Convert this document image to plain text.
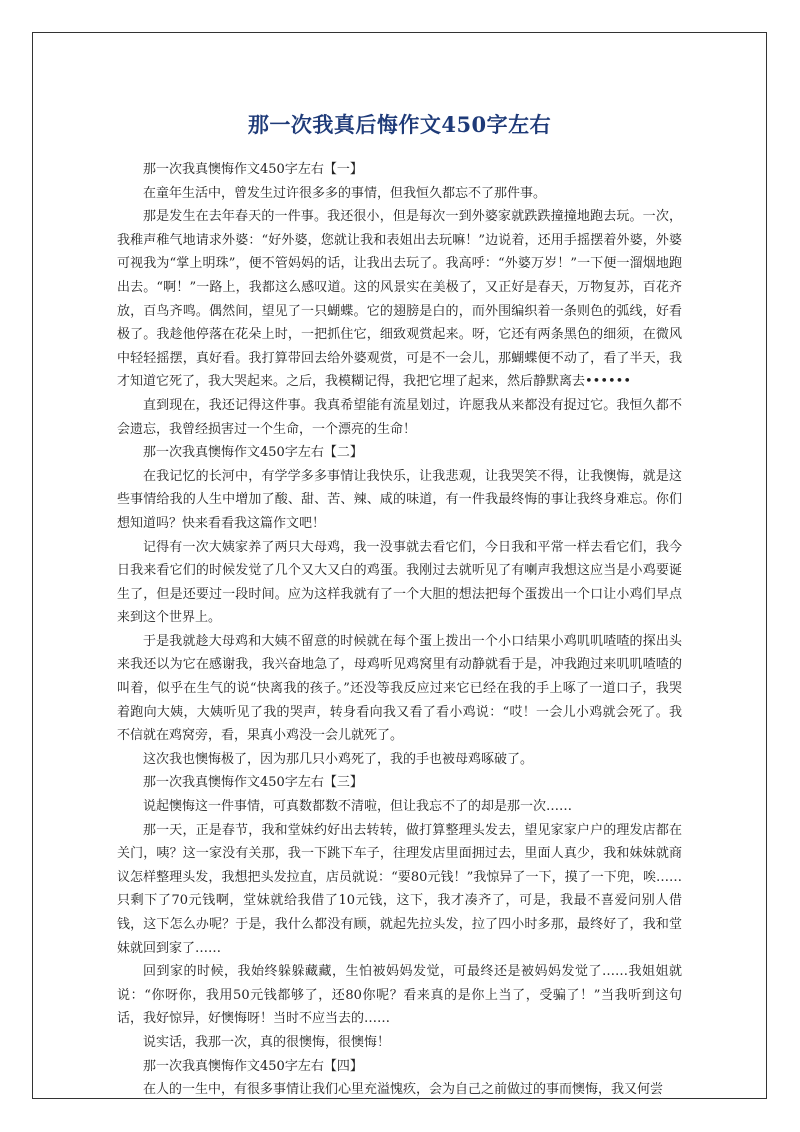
那一次我真后悔作文450字左右

那一次我真懊悔作文450字左右【一】

在童年生活中，曾发生过许很多多的事情，但我恒久都忘不了那件事。

那是发生在去年春天的一件事。我还很小，但是每次一到外婆家就跌跌撞撞地跑去玩。一次，我稚声稚气地请求外婆：“好外婆，您就让我和表姐出去玩嘛！”边说着，还用手摇摆着外婆，外婆可视我为“掌上明珠”，便不管妈妈的话，让我出去玩了。我高呼：“外婆万岁！”一下便一溜烟地跑出去。“啊！”一路上，我都这么感叹道。这的风景实在美极了，又正好是春天，万物复苏，百花齐放，百鸟齐鸣。偶然间，望见了一只蝴蝶。它的翅膀是白的，而外围编织着一条则色的弧线，好看极了。我趁他停落在花朵上时，一把抓住它，细致观赏起来。呀，它还有两条黑色的细须，在微风中轻轻摇摆，真好看。我打算带回去给外婆观赏，可是不一会儿，那蝴蝶便不动了，看了半天，我才知道它死了，我大哭起来。之后，我模糊记得，我把它埋了起来，然后静默离去••••••

直到现在，我还记得这件事。我真希望能有流星划过，许愿我从来都没有捉过它。我恒久都不会遗忘，我曾经损害过一个生命，一个漂亮的生命！

那一次我真懊悔作文450字左右【二】

在我记忆的长河中，有学学多多事情让我快乐，让我悲观，让我哭笑不得，让我懊悔，就是这些事情给我的人生中增加了酸、甜、苦、辣、咸的味道，有一件我最终悔的事让我终身难忘。你们想知道吗？快来看看我这篇作文吧！

记得有一次大姨家养了两只大母鸡，我一没事就去看它们，今日我和平常一样去看它们，我今日我来看它们的时候发觉了几个又大又白的鸡蛋。我刚过去就听见了有喇声我想这应当是小鸡要诞生了，但是还要过一段时间。应为这样我就有了一个大胆的想法把每个蛋拨出一个口让小鸡们早点来到这个世界上。

于是我就趁大母鸡和大姨不留意的时候就在每个蛋上拨出一个小口结果小鸡叽叽喳喳的探出头来我还以为它在感谢我，我兴奋地急了，母鸡听见鸡窝里有动静就看于是，冲我跑过来叽叽喳喳的叫着，似乎在生气的说“快离我的孩子。”还没等我反应过来它已经在我的手上啄了一道口子，我哭着跑向大姨，大姨听见了我的哭声，转身看向我又看了看小鸡说：“哎！一会儿小鸡就会死了。我不信就在鸡窝旁，看，果真小鸡没一会儿就死了。

这次我也懊悔极了，因为那几只小鸡死了，我的手也被母鸡啄破了。

那一次我真懊悔作文450字左右【三】

说起懊悔这一件事情，可真数都数不清啦，但让我忘不了的却是那一次……

那一天，正是春节，我和堂妹约好出去转转，做打算整理头发去，望见家家户户的理发店都在关门，咦？这一家没有关那，我一下跳下车子，往理发店里面拥过去，里面人真少，我和妹妹就商议怎样整理头发，我想把头发拉直，店员就说：“要80元钱！”我惊异了一下，摸了一下兜，唉……只剩下了70元钱啊，堂妹就给我借了10元钱，这下，我才凑齐了，可是，我最不喜爱问别人借钱，这下怎么办呢？于是，我什么都没有顾，就起先拉头发，拉了四小时多那，最终好了，我和堂妹就回到家了……

回到家的时候，我始终躲躲藏藏，生怕被妈妈发觉，可最终还是被妈妈发觉了……我姐姐就说：“你呀你，我用50元钱都够了，还80你呢？看来真的是你上当了，受骗了！”当我听到这句话，我好惊异，好懊悔呀！当时不应当去的……

说实话，我那一次，真的很懊悔，很懊悔！

那一次我真懊悔作文450字左右【四】

在人的一生中，有很多事情让我们心里充溢愧疚，会为自己之前做过的事而懊悔，我又何尝
